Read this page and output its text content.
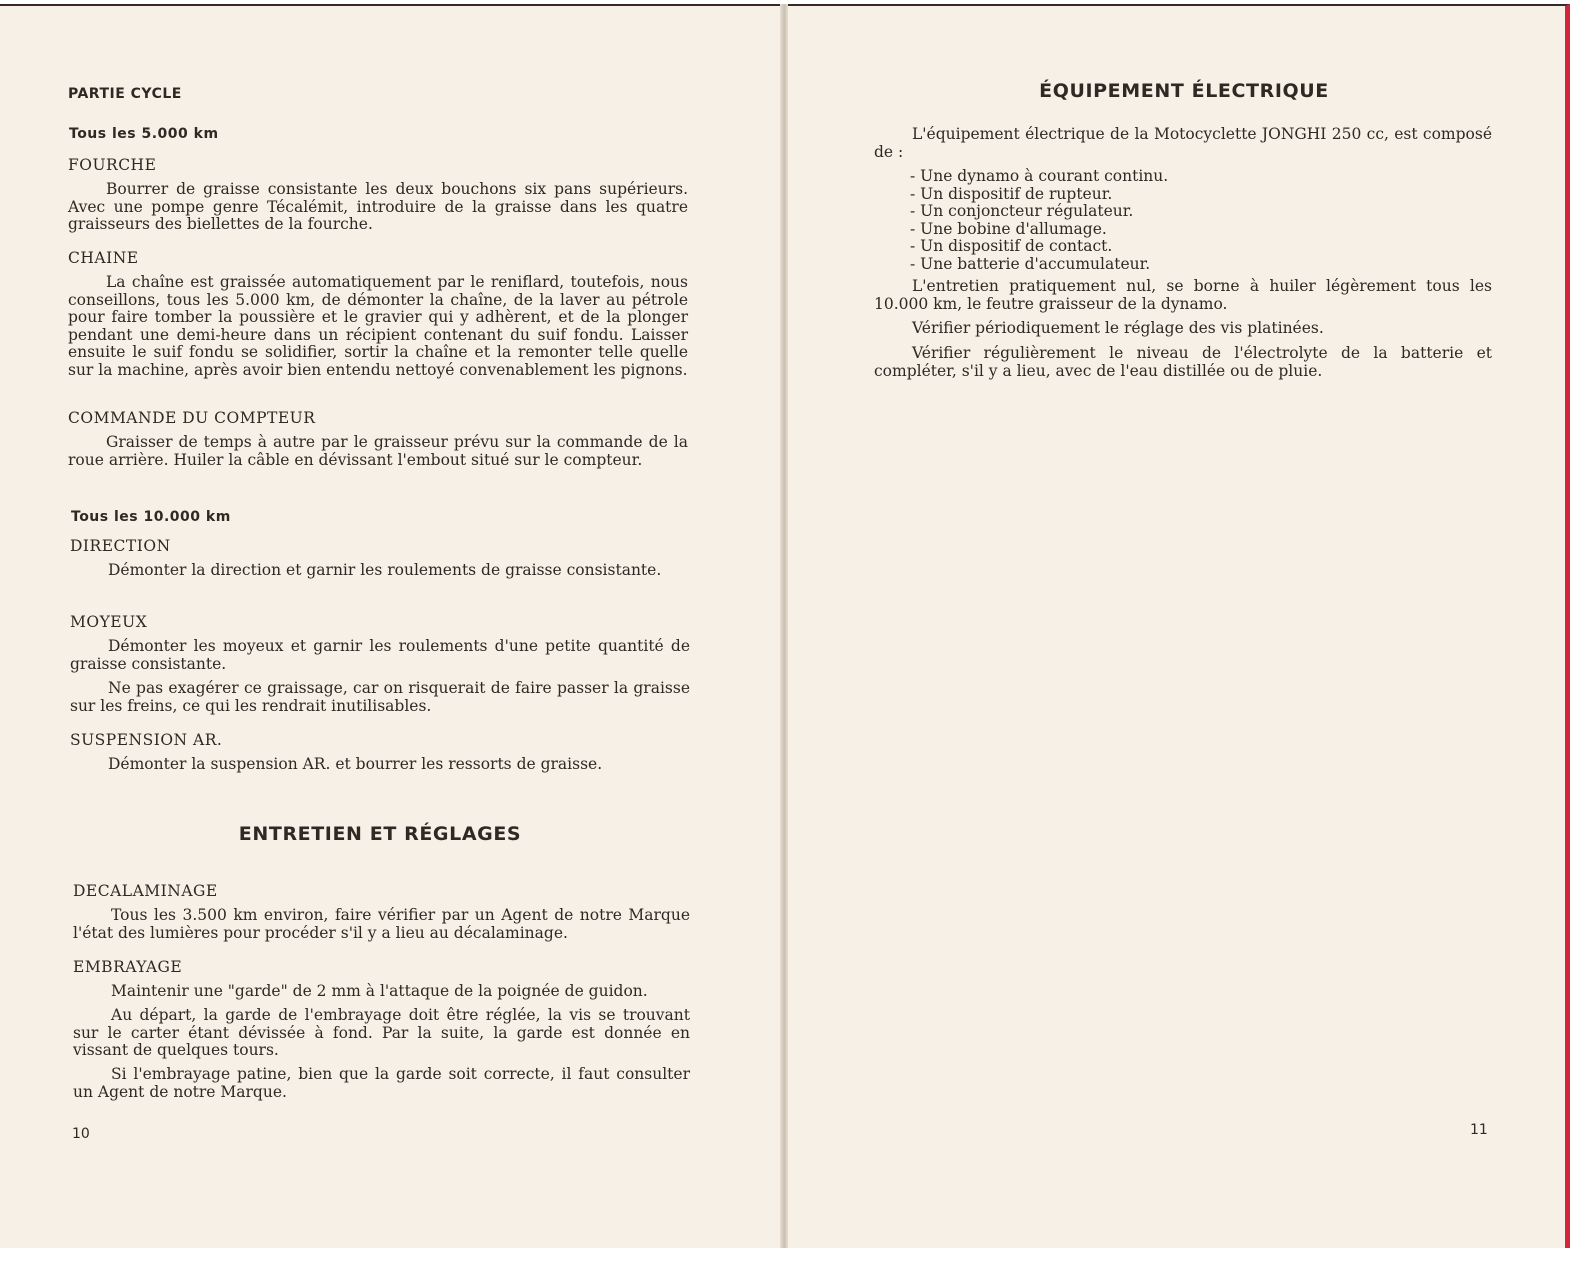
PARTIE CYCLE
Tous les 5.000 km
FOURCHE
Bourrer de graisse consistante les deux bouchons six pans supérieurs. Avec une pompe genre Técalémit, introduire de la graisse dans les quatre graisseurs des biellettes de la fourche.
CHAINE
La chaîne est graissée automatiquement par le reniflard, toutefois, nous conseillons, tous les 5.000 km, de démonter la chaîne, de la laver au pétrole pour faire tomber la poussière et le gravier qui y adhèrent, et de la plonger pendant une demi-heure dans un récipient contenant du suif fondu. Laisser ensuite le suif fondu se solidifier, sortir la chaîne et la remonter telle quelle sur la machine, après avoir bien entendu nettoyé convenablement les pignons.
COMMANDE DU COMPTEUR
Graisser de temps à autre par le graisseur prévu sur la commande de la roue arrière. Huiler la câble en dévissant l'embout situé sur le compteur.
Tous les 10.000 km
DIRECTION
Démonter la direction et garnir les roulements de graisse consistante.
MOYEUX
Démonter les moyeux et garnir les roulements d'une petite quantité de graisse consistante.
Ne pas exagérer ce graissage, car on risquerait de faire passer la graisse sur les freins, ce qui les rendrait inutilisables.
SUSPENSION AR.
Démonter la suspension AR. et bourrer les ressorts de graisse.
ENTRETIEN ET RÉGLAGES
DECALAMINAGE
Tous les 3.500 km environ, faire vérifier par un Agent de notre Marque l'état des lumières pour procéder s'il y a lieu au décalaminage.
EMBRAYAGE
Maintenir une "garde" de 2 mm à l'attaque de la poignée de guidon.
Au départ, la garde de l'embrayage doit être réglée, la vis se trouvant sur le carter étant dévissée à fond. Par la suite, la garde est donnée en vissant de quelques tours.
Si l'embrayage patine, bien que la garde soit correcte, il faut consulter un Agent de notre Marque.
10
ÉQUIPEMENT ÉLECTRIQUE
L'équipement électrique de la Motocyclette JONGHI 250 cc, est composé de :
- Une dynamo à courant continu.
- Un dispositif de rupteur.
- Un conjoncteur régulateur.
- Une bobine d'allumage.
- Un dispositif de contact.
- Une batterie d'accumulateur.
L'entretien pratiquement nul, se borne à huiler légèrement tous les 10.000 km, le feutre graisseur de la dynamo.
Vérifier périodiquement le réglage des vis platinées.
Vérifier régulièrement le niveau de l'électrolyte de la batterie et compléter, s'il y a lieu, avec de l'eau distillée ou de pluie.
11
